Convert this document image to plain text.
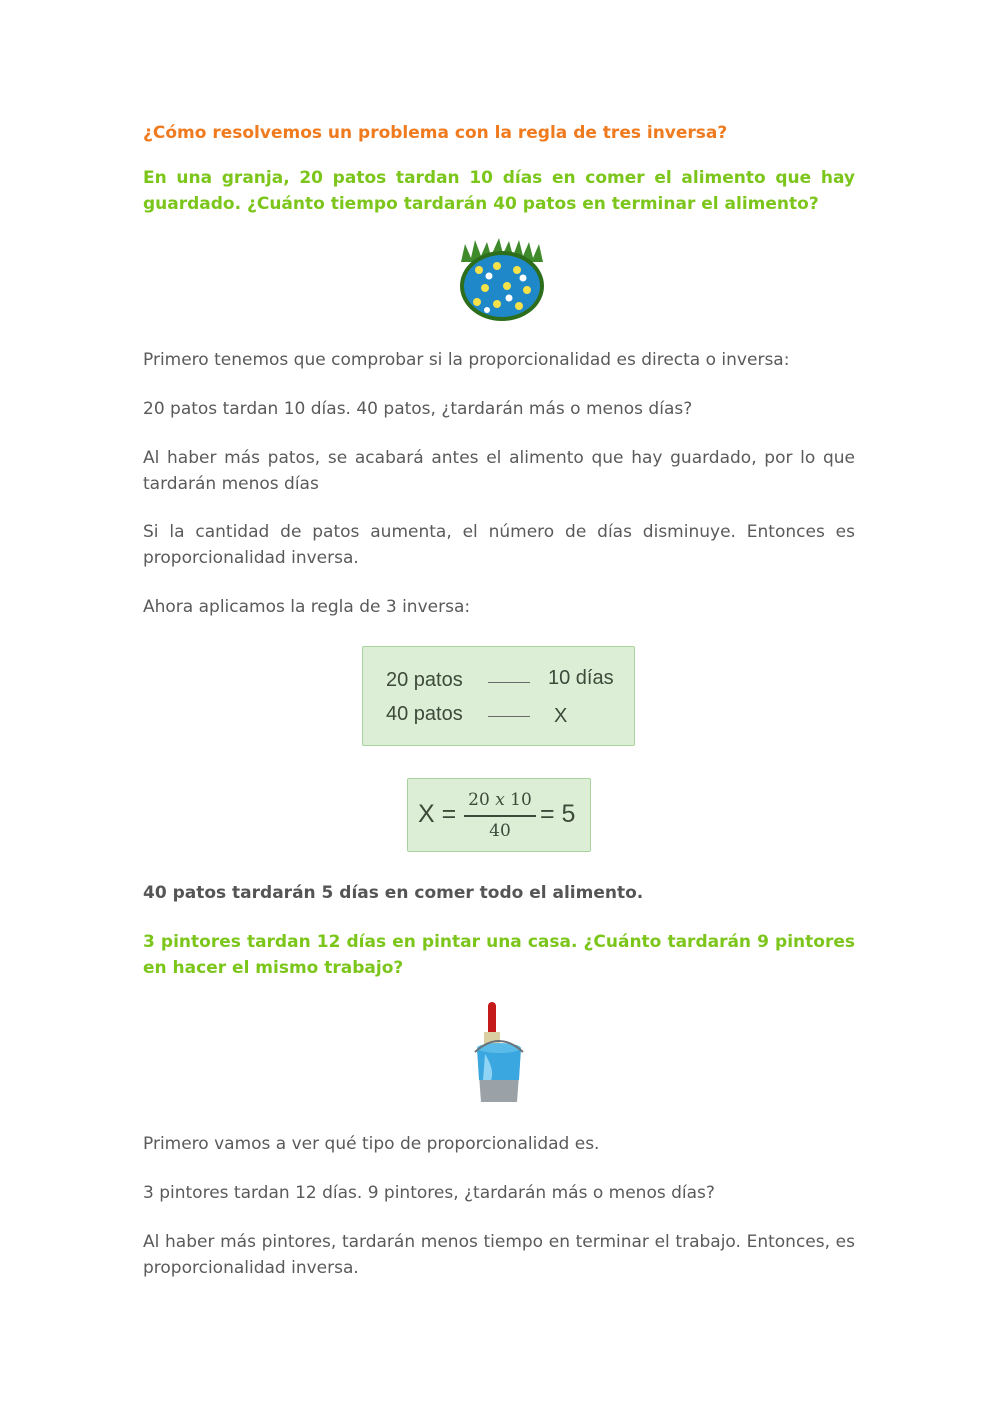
¿Cómo resolvemos un problema con la regla de tres inversa?

En una granja, 20 patos tardan 10 días en comer el alimento que hay guardado. ¿Cuánto tiempo tardarán 40 patos en terminar el alimento?

Primero tenemos que comprobar si la proporcionalidad es directa o inversa:

20 patos tardan 10 días. 40 patos, ¿tardarán más o menos días?

Al haber más patos, se acabará antes el alimento que hay guardado, por lo que tardarán menos días

Si la cantidad de patos aumenta, el número de días disminuye. Entonces es proporcionalidad inversa.

Ahora aplicamos la regla de 3 inversa:

20 patos	10 días
40 patos	X
X = 20 𝑥 10
40
= 5

40 patos tardarán 5 días en comer todo el alimento.

3 pintores tardan 12 días en pintar una casa. ¿Cuánto tardarán 9 pintores en hacer el mismo trabajo?

Primero vamos a ver qué tipo de proporcionalidad es.

3 pintores tardan 12 días. 9 pintores, ¿tardarán más o menos días?

Al haber más pintores, tardarán menos tiempo en terminar el trabajo. Entonces, es proporcionalidad inversa.
